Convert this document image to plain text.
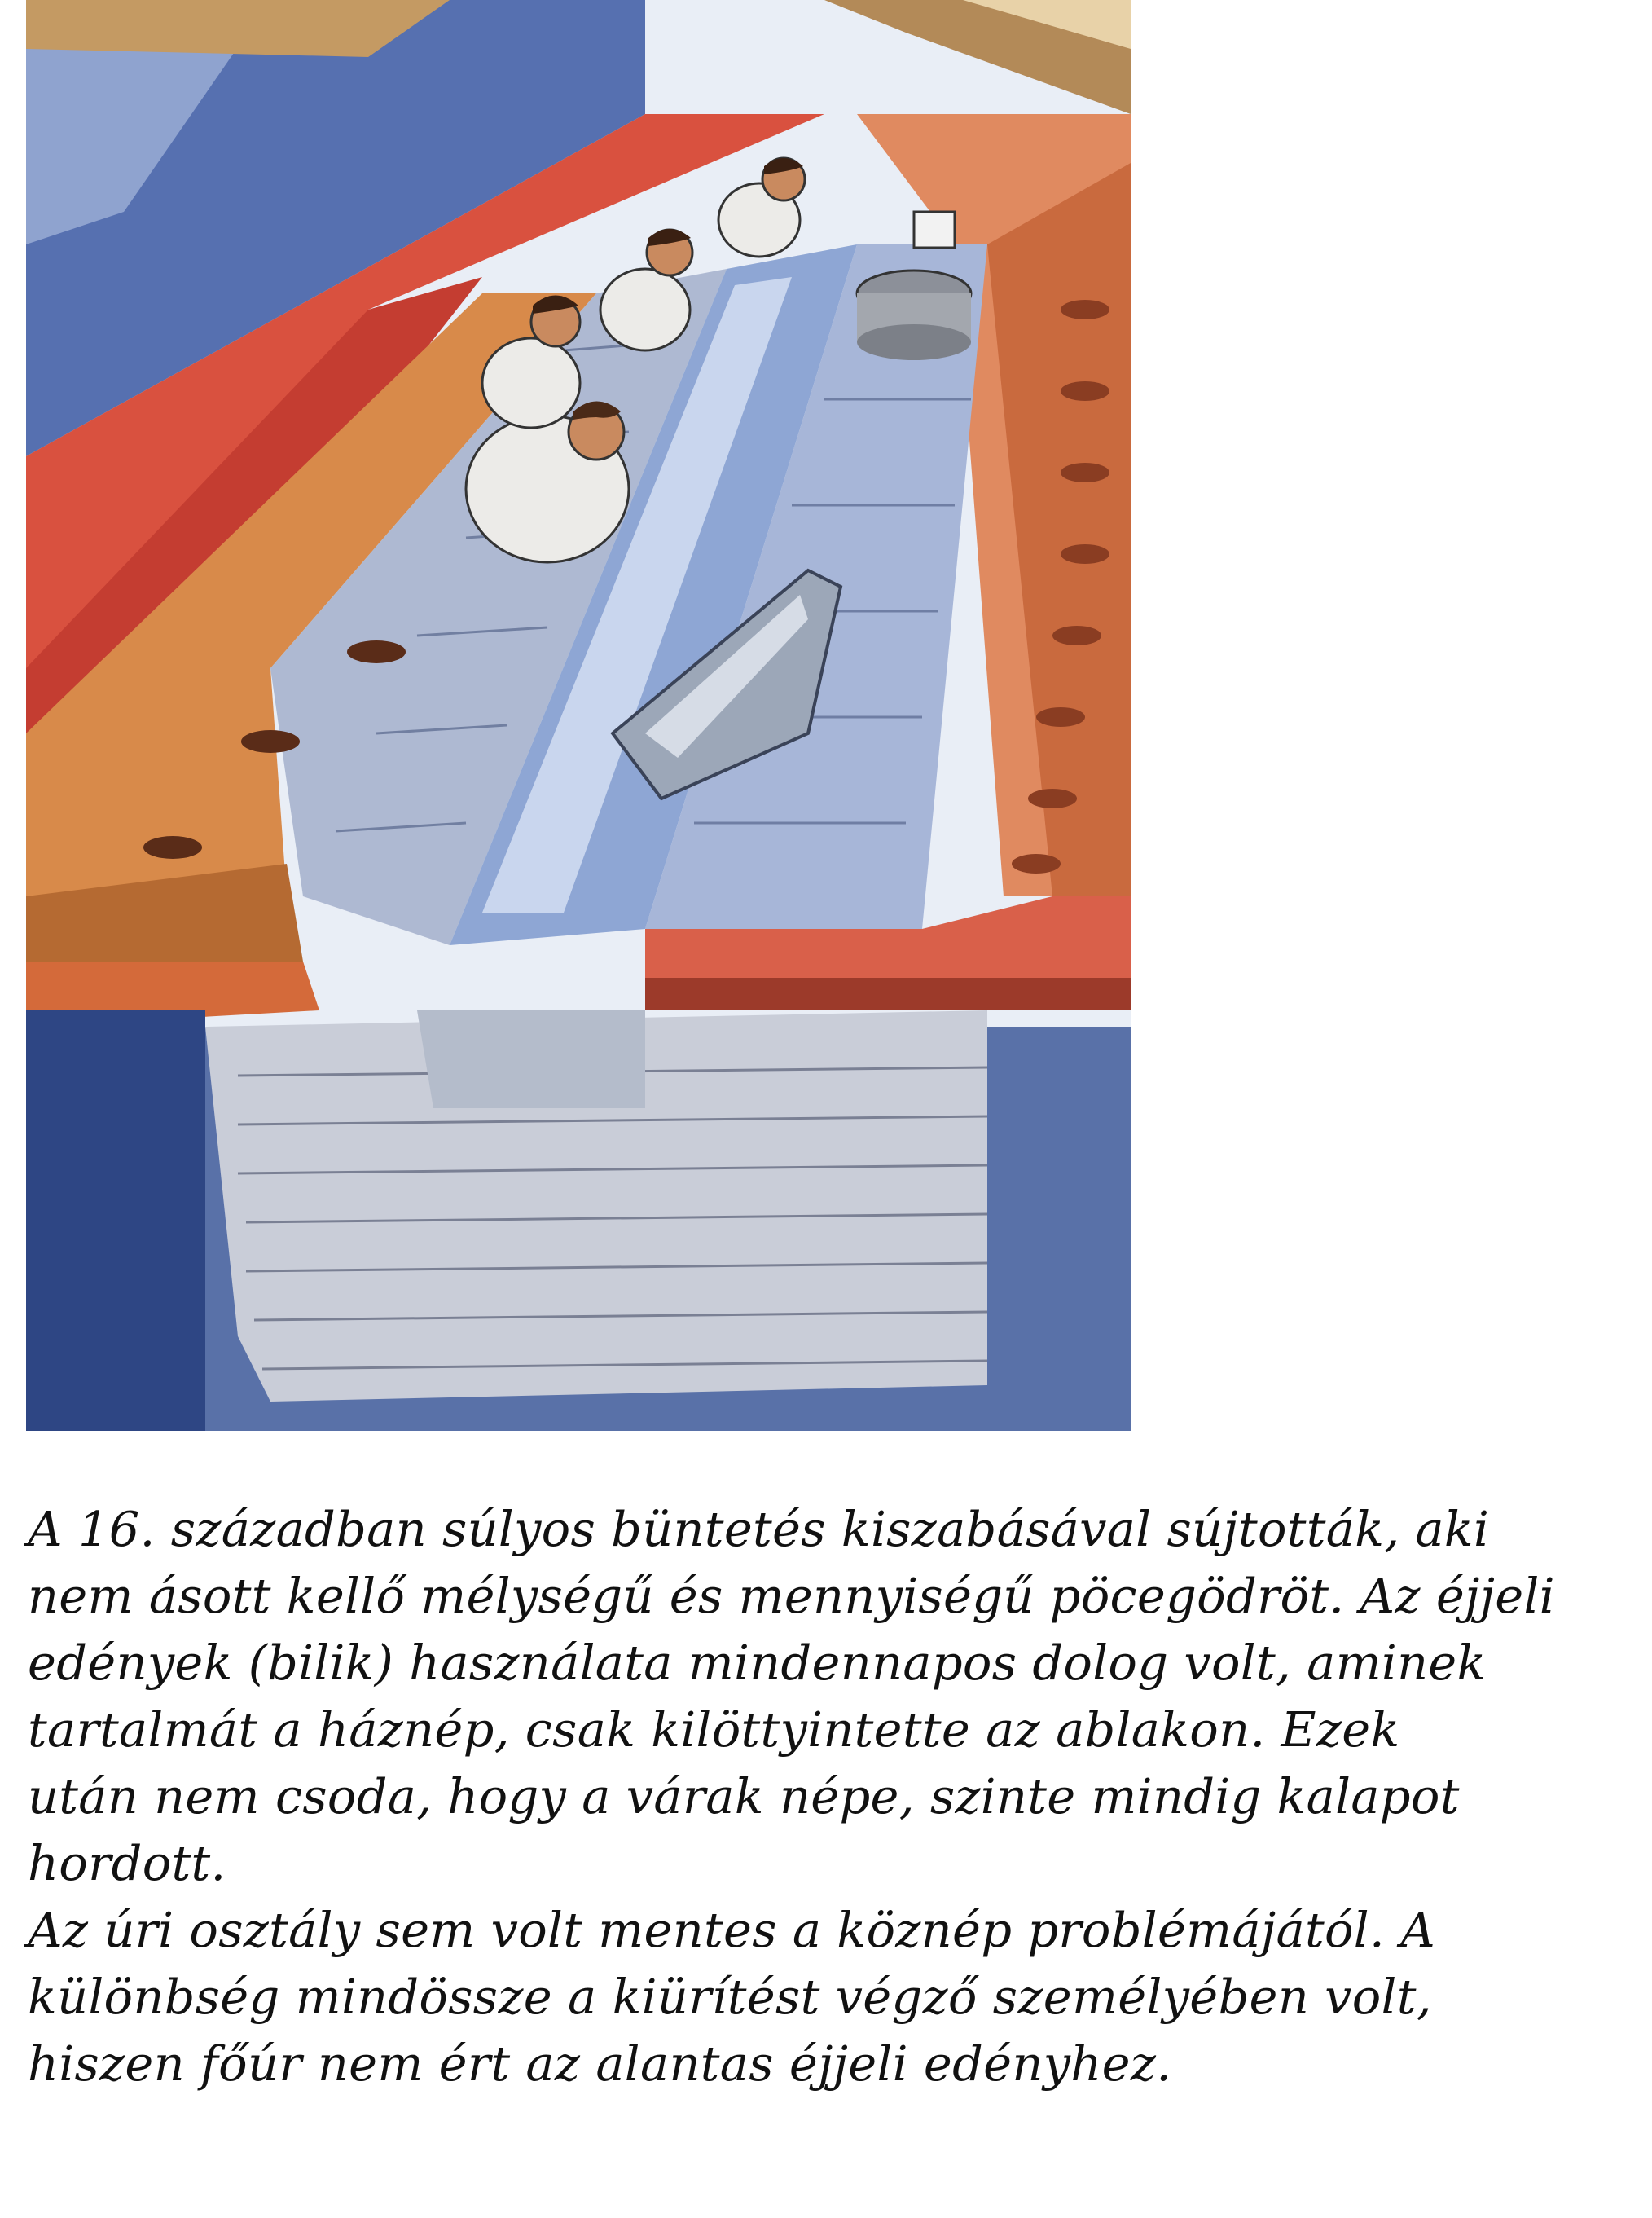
A 16. században súlyos büntetés kiszabásával sújtották, aki
nem ásott kellő mélységű és mennyiségű pöcegödröt. Az éjjeli
edények (bilik) használata mindennapos dolog volt, aminek
tartalmát a háznép, csak kilöttyintette az ablakon. Ezek
után nem csoda, hogy a várak népe, szinte mindig kalapot
hordott.

Az úri osztály sem volt mentes a köznép problémájától. A
különbség mindössze a kiürítést végző személyében volt,
hiszen főúr nem ért az alantas éjjeli edényhez.
